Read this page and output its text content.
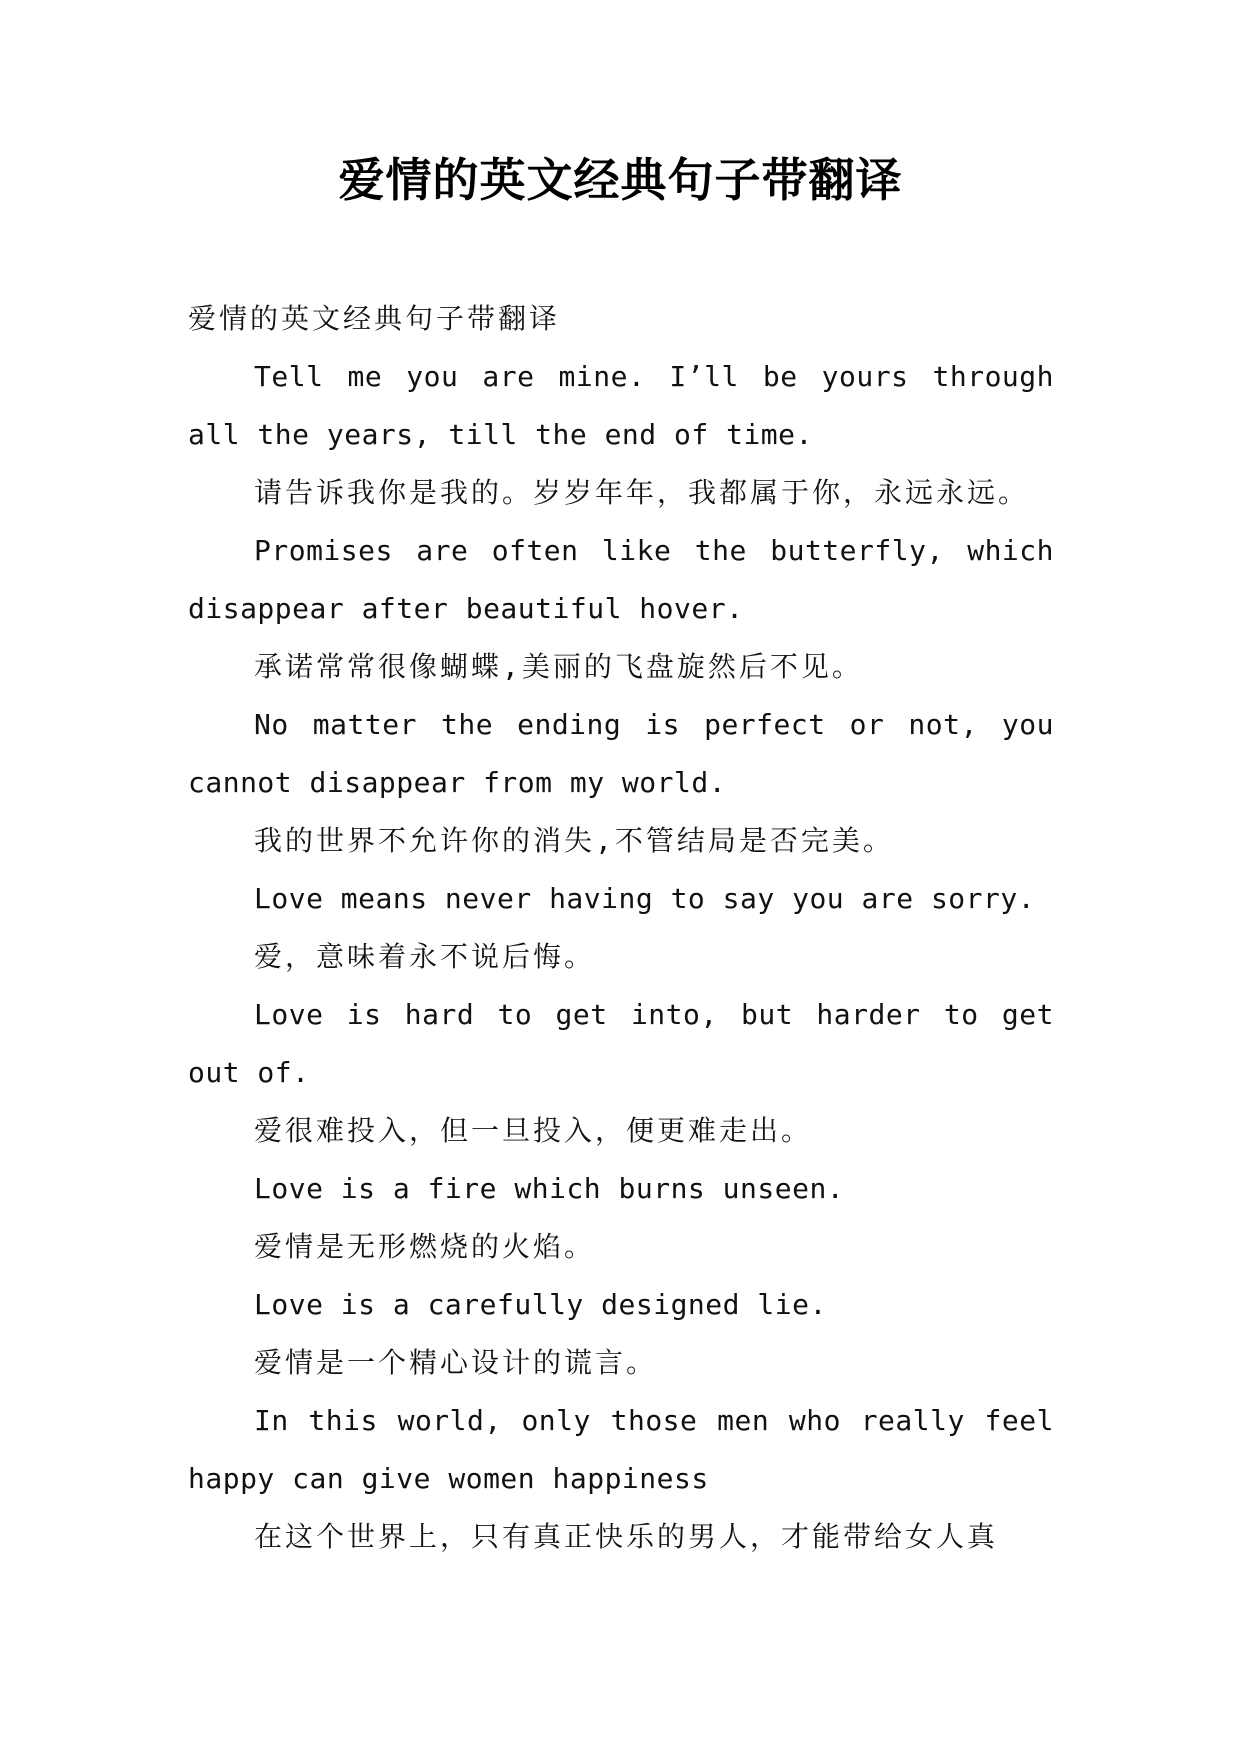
爱情的英文经典句子带翻译

爱情的英文经典句子带翻译

Tell me you are mine. I’ll be yours through all the years, till the end of time.

请告诉我你是我的。岁岁年年，我都属于你，永远永远。

Promises are often like the butterfly, which disappear after beautiful hover.

承诺常常很像蝴蝶,美丽的飞盘旋然后不见。

No matter the ending is perfect or not, you cannot disappear from my world.

我的世界不允许你的消失,不管结局是否完美。

Love means never having to say you are sorry.

爱，意味着永不说后悔。

Love is hard to get into, but harder to get out of.

爱很难投入，但一旦投入，便更难走出。

Love is a fire which burns unseen.

爱情是无形燃烧的火焰。

Love is a carefully designed lie.

爱情是一个精心设计的谎言。

In this world, only those men who really feel happy can give women happiness

在这个世界上，只有真正快乐的男人，才能带给女人真
